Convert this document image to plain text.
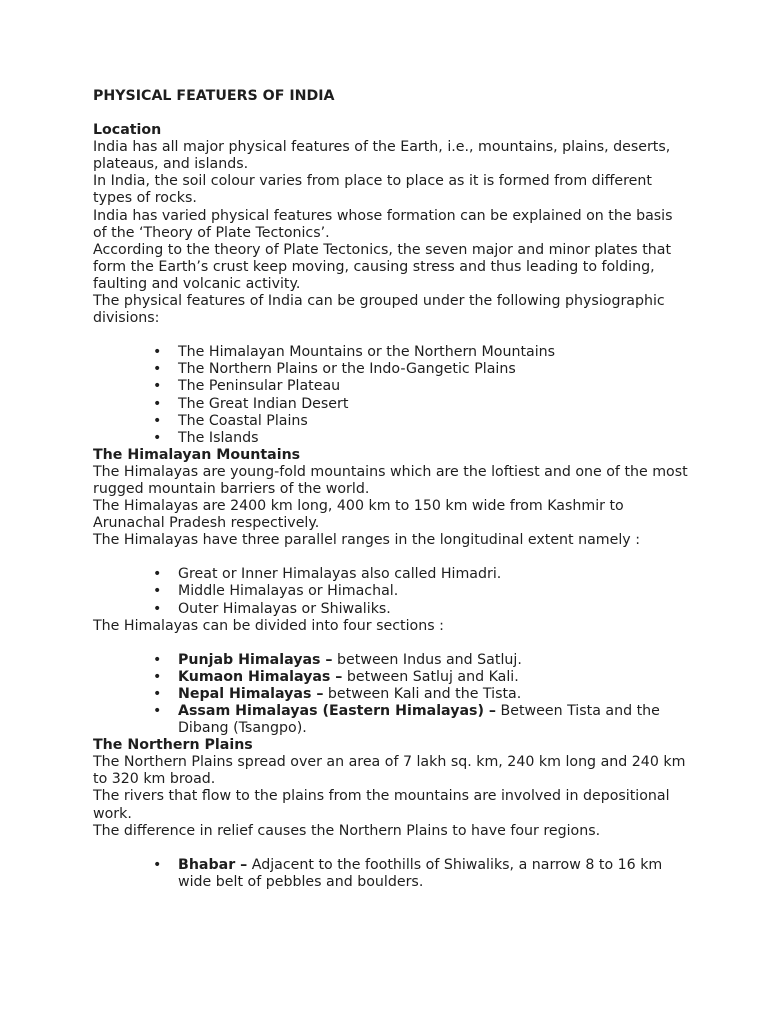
PHYSICAL FEATUERS OF INDIA

Location

India has all major physical features of the Earth, i.e., mountains, plains, deserts, plateaus, and islands.

In India, the soil colour varies from place to place as it is formed from different types of rocks.

India has varied physical features whose formation can be explained on the basis of the ‘Theory of Plate Tectonics’.

According to the theory of Plate Tectonics, the seven major and minor plates that form the Earth’s crust keep moving, causing stress and thus leading to folding, faulting and volcanic activity.

The physical features of India can be grouped under the following physiographic divisions:

• The Himalayan Mountains or the Northern Mountains
• The Northern Plains or the Indo-Gangetic Plains
• The Peninsular Plateau
• The Great Indian Desert
• The Coastal Plains
• The Islands

The Himalayan Mountains

The Himalayas are young-fold mountains which are the loftiest and one of the most rugged mountain barriers of the world.

The Himalayas are 2400 km long, 400 km to 150 km wide from Kashmir to Arunachal Pradesh respectively.

The Himalayas have three parallel ranges in the longitudinal extent namely :

• Great or Inner Himalayas also called Himadri.
• Middle Himalayas or Himachal.
• Outer Himalayas or Shiwaliks.

The Himalayas can be divided into four sections :

• Punjab Himalayas – between Indus and Satluj.
• Kumaon Himalayas – between Satluj and Kali.
• Nepal Himalayas – between Kali and the Tista.
• Assam Himalayas (Eastern Himalayas) – Between Tista and the Dibang (Tsangpo).

The Northern Plains

The Northern Plains spread over an area of 7 lakh sq. km, 240 km long and 240 km to 320 km broad.

The rivers that flow to the plains from the mountains are involved in depositional work.

The difference in relief causes the Northern Plains to have four regions.

• Bhabar – Adjacent to the foothills of Shiwaliks, a narrow 8 to 16 km wide belt of pebbles and boulders.
